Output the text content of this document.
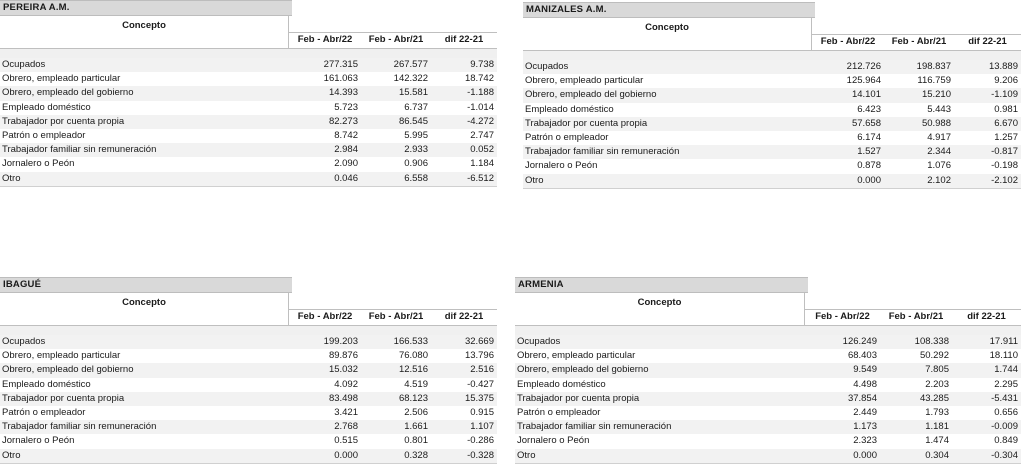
PEREIRA A.M.
Concepto
Feb - Abr/22	Feb - Abr/21	dif 22-21
Ocupados	277.315	267.577	9.738
Obrero, empleado particular	161.063	142.322	18.742
Obrero, empleado del gobierno	14.393	15.581	-1.188
Empleado doméstico	5.723	6.737	-1.014
Trabajador por cuenta propia	82.273	86.545	-4.272
Patrón o empleador	8.742	5.995	2.747
Trabajador familiar sin remuneración	2.984	2.933	0.052
Jornalero o Peón	2.090	0.906	1.184
Otro	0.046	6.558	-6.512
MANIZALES A.M.
Concepto
Feb - Abr/22	Feb - Abr/21	dif 22-21
Ocupados	212.726	198.837	13.889
Obrero, empleado particular	125.964	116.759	9.206
Obrero, empleado del gobierno	14.101	15.210	-1.109
Empleado doméstico	6.423	5.443	0.981
Trabajador por cuenta propia	57.658	50.988	6.670
Patrón o empleador	6.174	4.917	1.257
Trabajador familiar sin remuneración	1.527	2.344	-0.817
Jornalero o Peón	0.878	1.076	-0.198
Otro	0.000	2.102	-2.102
IBAGUÉ
Concepto
Feb - Abr/22	Feb - Abr/21	dif 22-21
Ocupados	199.203	166.533	32.669
Obrero, empleado particular	89.876	76.080	13.796
Obrero, empleado del gobierno	15.032	12.516	2.516
Empleado doméstico	4.092	4.519	-0.427
Trabajador por cuenta propia	83.498	68.123	15.375
Patrón o empleador	3.421	2.506	0.915
Trabajador familiar sin remuneración	2.768	1.661	1.107
Jornalero o Peón	0.515	0.801	-0.286
Otro	0.000	0.328	-0.328
ARMENIA
Concepto
Feb - Abr/22	Feb - Abr/21	dif 22-21
Ocupados	126.249	108.338	17.911
Obrero, empleado particular	68.403	50.292	18.110
Obrero, empleado del gobierno	9.549	7.805	1.744
Empleado doméstico	4.498	2.203	2.295
Trabajador por cuenta propia	37.854	43.285	-5.431
Patrón o empleador	2.449	1.793	0.656
Trabajador familiar sin remuneración	1.173	1.181	-0.009
Jornalero o Peón	2.323	1.474	0.849
Otro	0.000	0.304	-0.304
